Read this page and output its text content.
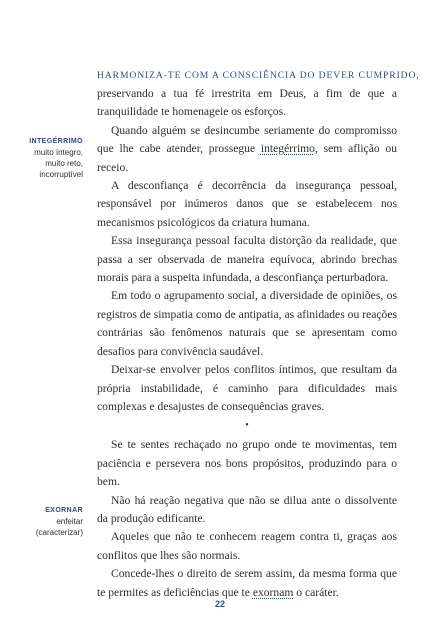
HARMONIZA-TE COM A CONSCIÊNCIA DO DEVER CUMPRIDO,

preservando a tua fé irrestrita em Deus, a fim de que a tranquilidade te homenageie os esforços.

Quando alguém se desincumbe seriamente do compromisso que lhe cabe atender, prossegue integérrimo, sem aflição ou receio.

A desconfiança é decorrência da insegurança pessoal, responsável por inúmeros danos que se estabelecem nos mecanismos psicológicos da criatura humana.

Essa insegurança pessoal faculta distorção da realidade, que passa a ser observada de maneira equívoca, abrindo brechas morais para a suspeita infundada, a desconfiança perturbadora.

Em todo o agrupamento social, a diversidade de opiniões, os registros de simpatia como de antipatia, as afinidades ou reações contrárias são fenômenos naturais que se apresentam como desafios para convivência saudável.

Deixar-se envolver pelos conflitos íntimos, que resultam da própria instabilidade, é caminho para dificuldades mais complexas e desajustes de consequências graves.

•

Se te sentes rechaçado no grupo onde te movimentas, tem paciência e persevera nos bons propósitos, produzindo para o bem.

Não há reação negativa que não se dilua ante o dissolvente da produção edificante.

Aqueles que não te conhecem reagem contra ti, graças aos conflitos que lhes são normais.

Concede-lhes o direito de serem assim, da mesma forma que te permites as deficiências que te exornam o caráter.

INTEGÉRRIMO
muito íntegro,
muito reto,
incorruptível
EXORNAR
enfeitar
(caracterizar)
22
